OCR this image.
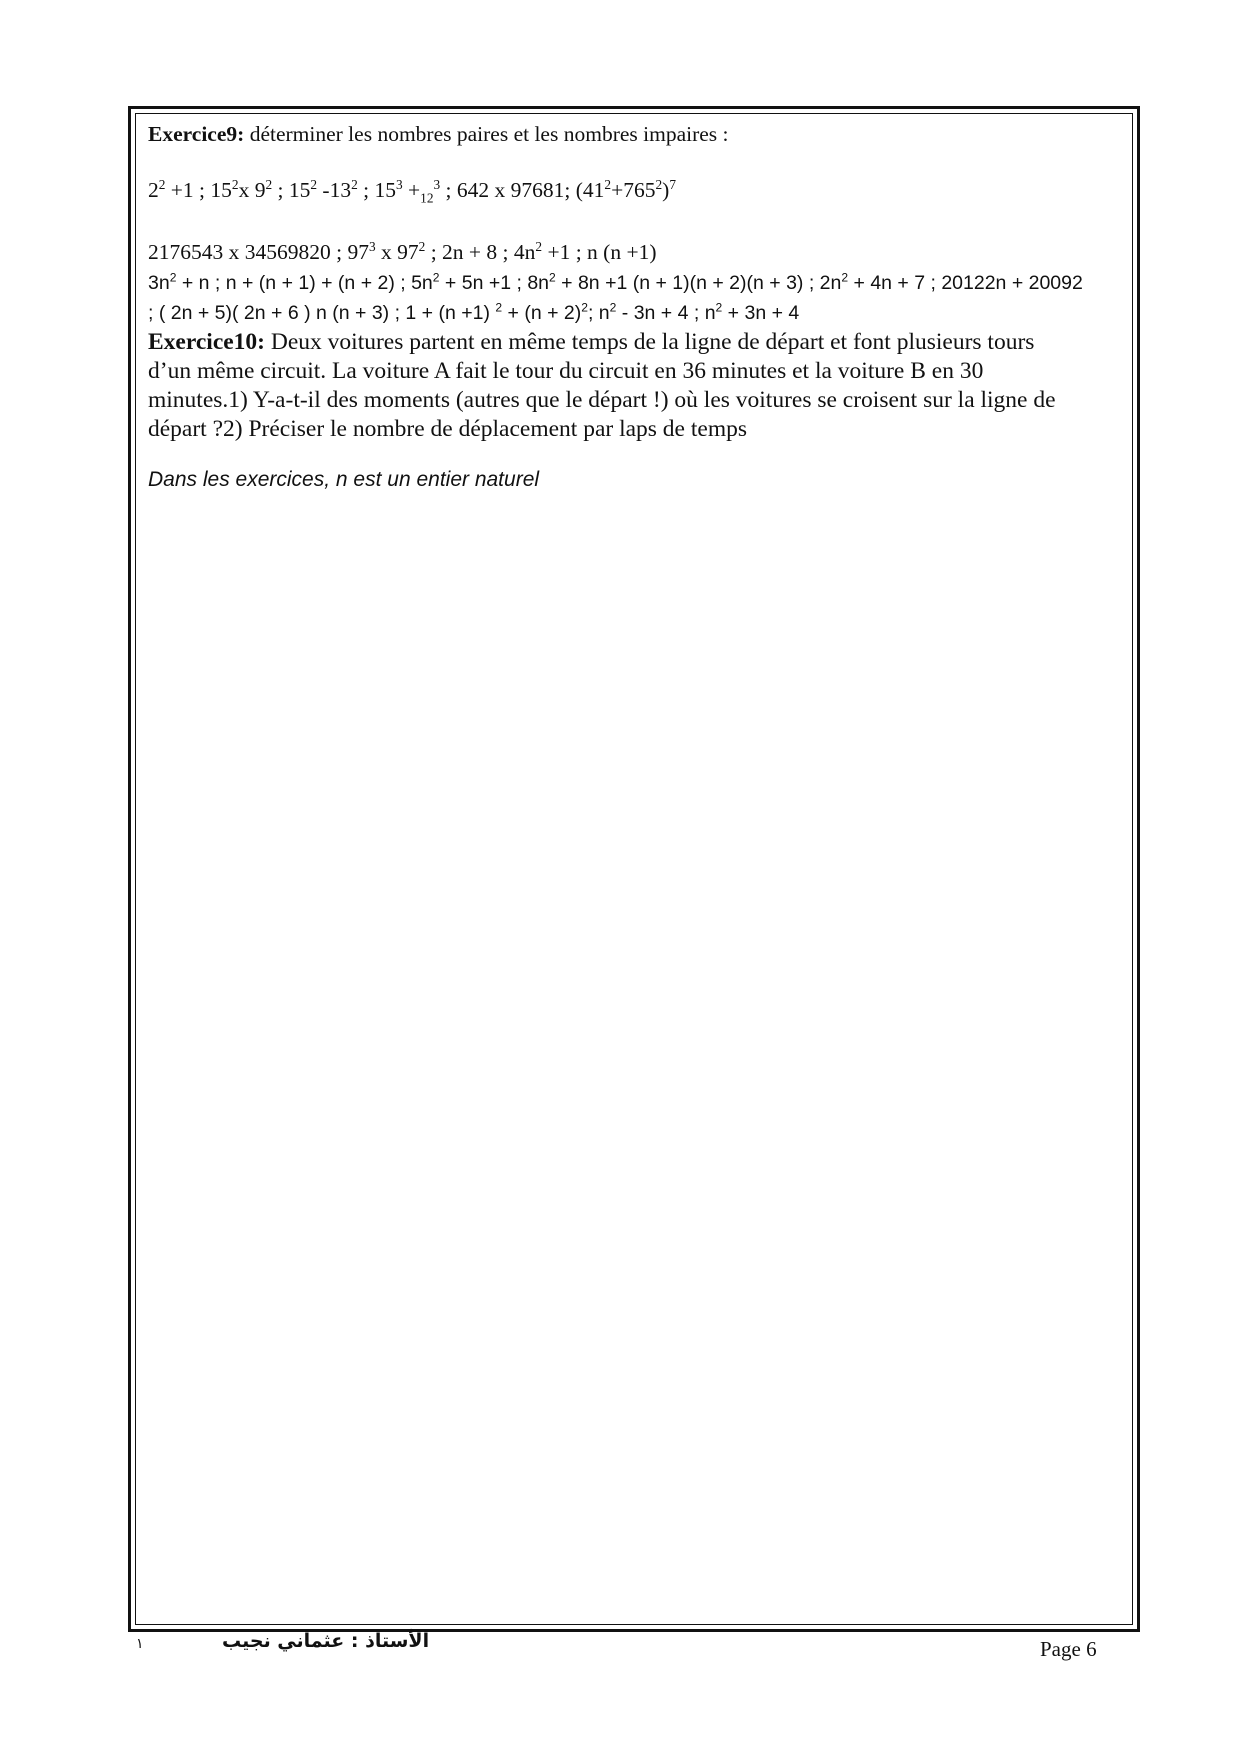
Exercice9: déterminer les nombres paires et les nombres impaires :
$2^2 +1$ ; $15^2x$ $9^2$ ; $15^2$ $-13^2$ ; $15^3 +_{12}^3$ ; 642 x 97681; $(41^2+765^2)^7$
2176543 x 34569820 ; $97^3$ x $97^2$ ; 2n + 8 ; $4n^2 +1$ ; n (n +1)
$3n^2 + n$ ; n + (n + 1) + (n + 2) ; $5n^2 + 5n +1$ ; $8n^2 + 8n +1$ (n + 1)(n + 2)(n + 3) ; $2n^2 + 4n + 7$ ; 20122n + 20092
; ( 2n + 5)( 2n + 6 ) n (n + 3) ; 1 + (n +1) $^2 + (n + 2)^2$; $n^2 - 3n + 4$ ; $n^2 + 3n + 4$
Exercice10: Deux voitures partent en même temps de la ligne de départ et font plusieurs tours
d’un même circuit. La voiture A fait le tour du circuit en 36 minutes et la voiture B en 30
minutes.1) Y-a-t-il des moments (autres que le départ !) où les voitures se croisent sur la ligne de
départ ?2) Préciser le nombre de déplacement par laps de temps
Dans les exercices, n est un entier naturel
١	الأستاذ : عثماني نجيب	Page 6
